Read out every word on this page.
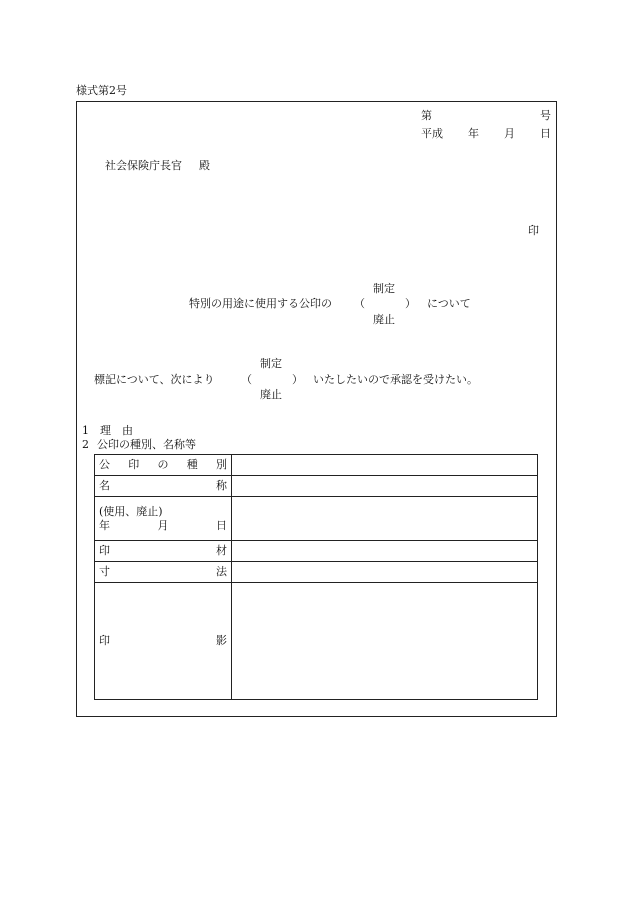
様式第2号
第	号
平成 年 月 日
社会保険庁長官 殿
印
制定
特別の用途に使用する公印の （	） について
廃止
制定
標記について、次により （	） いたしたいので承認を受けたい。
廃止
1 理　由
2 公印の種別、名称等
公 印 の 種 別	

名 称	

(使用、廃止)
年 月 日	

印 材	

寸 法	

印 影	
